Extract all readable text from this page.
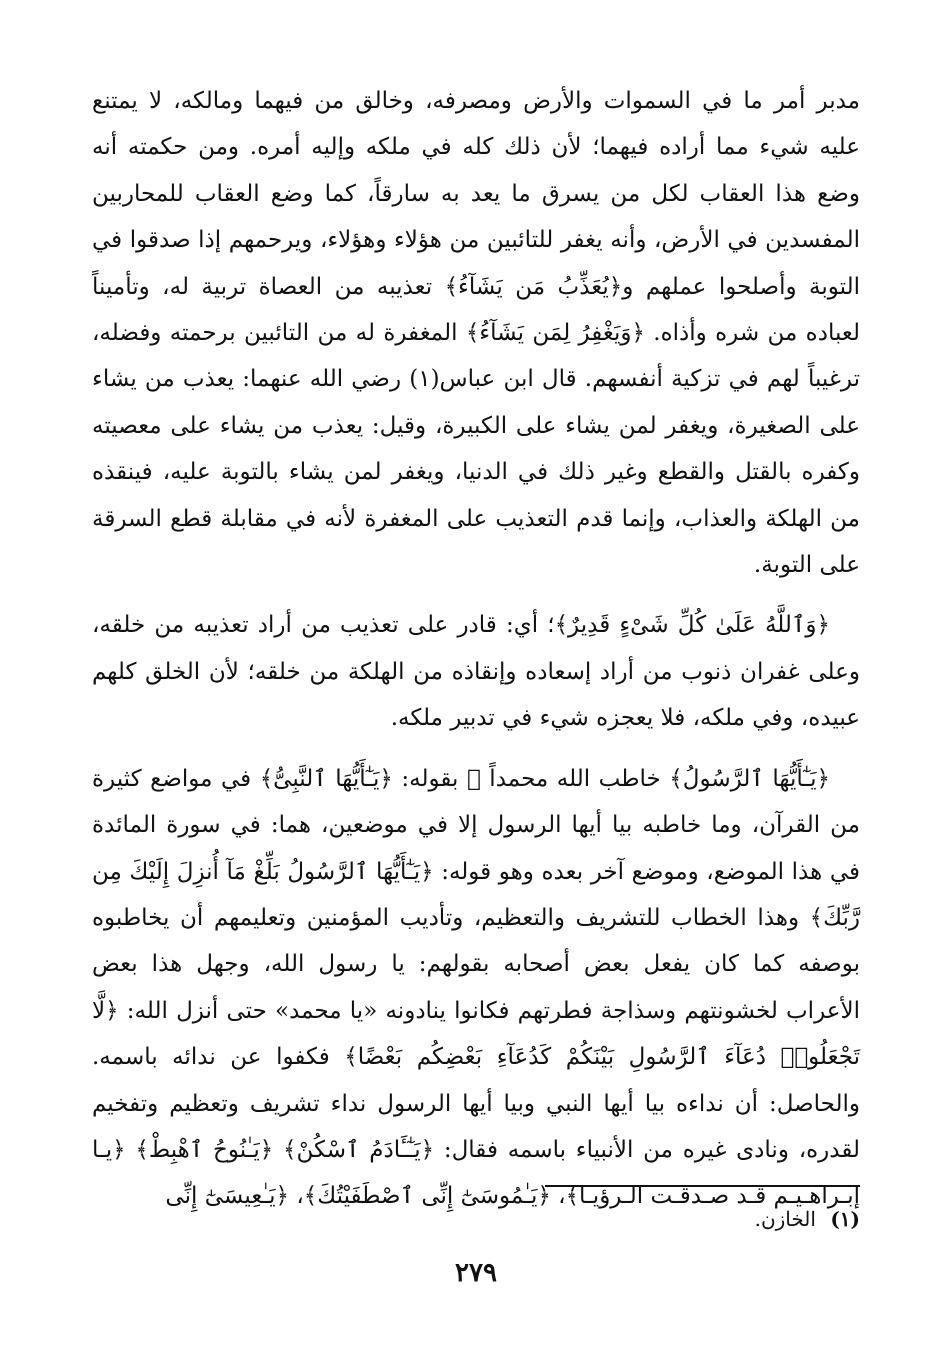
مدبر أمر ما في السموات والأرض ومصرفه، وخالق من فيهما ومالكه، لا يمتنع عليه شيء مما أراده فيهما؛ لأن ذلك كله في ملكه وإليه أمره. ومن حكمته أنه وضع هذا العقاب لكل من يسرق ما يعد به سارقاً، كما وضع العقاب للمحاربين المفسدين في الأرض، وأنه يغفر للتائبين من هؤلاء وهؤلاء، ويرحمهم إذا صدقوا في التوبة وأصلحوا عملهم و﴿يُعَذِّبُ مَن يَشَآءُ﴾ تعذيبه من العصاة تربية له، وتأميناً لعباده من شره وأذاه. ﴿وَيَغْفِرُ لِمَن يَشَآءُ﴾ المغفرة له من التائبين برحمته وفضله، ترغيباً لهم في تزكية أنفسهم. قال ابن عباس(١) رضي الله عنهما: يعذب من يشاء على الصغيرة، ويغفر لمن يشاء على الكبيرة، وقيل: يعذب من يشاء على معصيته وكفره بالقتل والقطع وغير ذلك في الدنيا، ويغفر لمن يشاء بالتوبة عليه، فينقذه من الهلكة والعذاب، وإنما قدم التعذيب على المغفرة لأنه في مقابلة قطع السرقة على التوبة.

﴿وَٱللَّهُ عَلَىٰ كُلِّ شَىْءٍ قَدِيرٌ﴾؛ أي: قادر على تعذيب من أراد تعذيبه من خلقه، وعلى غفران ذنوب من أراد إسعاده وإنقاذه من الهلكة من خلقه؛ لأن الخلق كلهم عبيده، وفي ملكه، فلا يعجزه شيء في تدبير ملكه.

﴿يَـٰٓأَيُّهَا ٱلرَّسُولُ﴾ خاطب الله محمداً ﷺ بقوله: ﴿يَـٰٓأَيُّهَا ٱلنَّبِىُّ﴾ في مواضع كثيرة من القرآن، وما خاطبه بيا أيها الرسول إلا في موضعين، هما: في سورة المائدة في هذا الموضع، وموضع آخر بعده وهو قوله: ﴿يَـٰٓأَيُّهَا ٱلرَّسُولُ بَلِّغْ مَآ أُنزِلَ إِلَيْكَ مِن رَّبِّكَ﴾ وهذا الخطاب للتشريف والتعظيم، وتأديب المؤمنين وتعليمهم أن يخاطبوه بوصفه كما كان يفعل بعض أصحابه بقولهم: يا رسول الله، وجهل هذا بعض الأعراب لخشونتهم وسذاجة فطرتهم فكانوا ينادونه «يا محمد» حتى أنزل الله: ﴿لَّا تَجْعَلُوا۟ دُعَآءَ ٱلرَّسُولِ بَيْنَكُمْ كَدُعَآءِ بَعْضِكُم بَعْضًا﴾ فكفوا عن ندائه باسمه. والحاصل: أن نداءه بيا أيها النبي وبيا أيها الرسول نداء تشريف وتعظيم وتفخيم لقدره، ونادى غيره من الأنبياء باسمه فقال: ﴿يَـٰٓـَٔادَمُ ٱسْكُنْ﴾ ﴿يَـٰنُوحُ ٱهْبِطْ﴾ ﴿يـا إبـراهـيـم قـد صـدقـت الـرؤيـا﴾، ﴿يَـٰمُوسَىٰٓ إِنِّى ٱصْطَفَيْتُكَ﴾، ﴿يَـٰعِيسَىٰٓ إِنِّى

(١) الخازن.
٢٧٩
